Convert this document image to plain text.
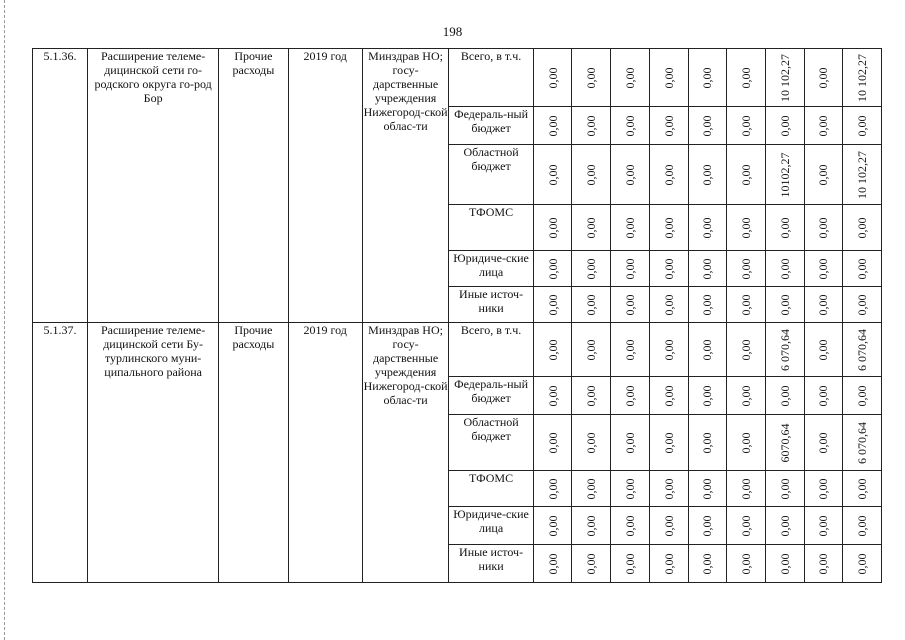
198
5.1.36.	Расширение телеме-дицинской сети го-родского округа го-род Бор	Прочие расходы	2019 год	Минздрав НО; госу-дарственные учреждения Нижегород-ской облас-ти	Всего, в т.ч.	0,00	0,00	0,00	0,00	0,00	0,00	10 102,27	0,00	10 102,27

					Федераль-ный бюджет	0,00	0,00	0,00	0,00	0,00	0,00	0,00	0,00	0,00

					Областной бюджет	0,00	0,00	0,00	0,00	0,00	0,00	10102,27	0,00	10 102,27

					ТФОМС	0,00	0,00	0,00	0,00	0,00	0,00	0,00	0,00	0,00

					Юридиче-ские лица	0,00	0,00	0,00	0,00	0,00	0,00	0,00	0,00	0,00

					Иные источ-ники	0,00	0,00	0,00	0,00	0,00	0,00	0,00	0,00	0,00

5.1.37.	Расширение телеме-дицинской сети Бу-турлинского муни-ципального района	Прочие расходы	2019 год	Минздрав НО; госу-дарственные учреждения Нижегород-ской облас-ти	Всего, в т.ч.	0,00	0,00	0,00	0,00	0,00	0,00	6 070,64	0,00	6 070,64

					Федераль-ный бюджет	0,00	0,00	0,00	0,00	0,00	0,00	0,00	0,00	0,00

					Областной бюджет	0,00	0,00	0,00	0,00	0,00	0,00	6070,64	0,00	6 070,64

					ТФОМС	0,00	0,00	0,00	0,00	0,00	0,00	0,00	0,00	0,00

					Юридиче-ские лица	0,00	0,00	0,00	0,00	0,00	0,00	0,00	0,00	0,00

					Иные источ-ники	0,00	0,00	0,00	0,00	0,00	0,00	0,00	0,00	0,00
